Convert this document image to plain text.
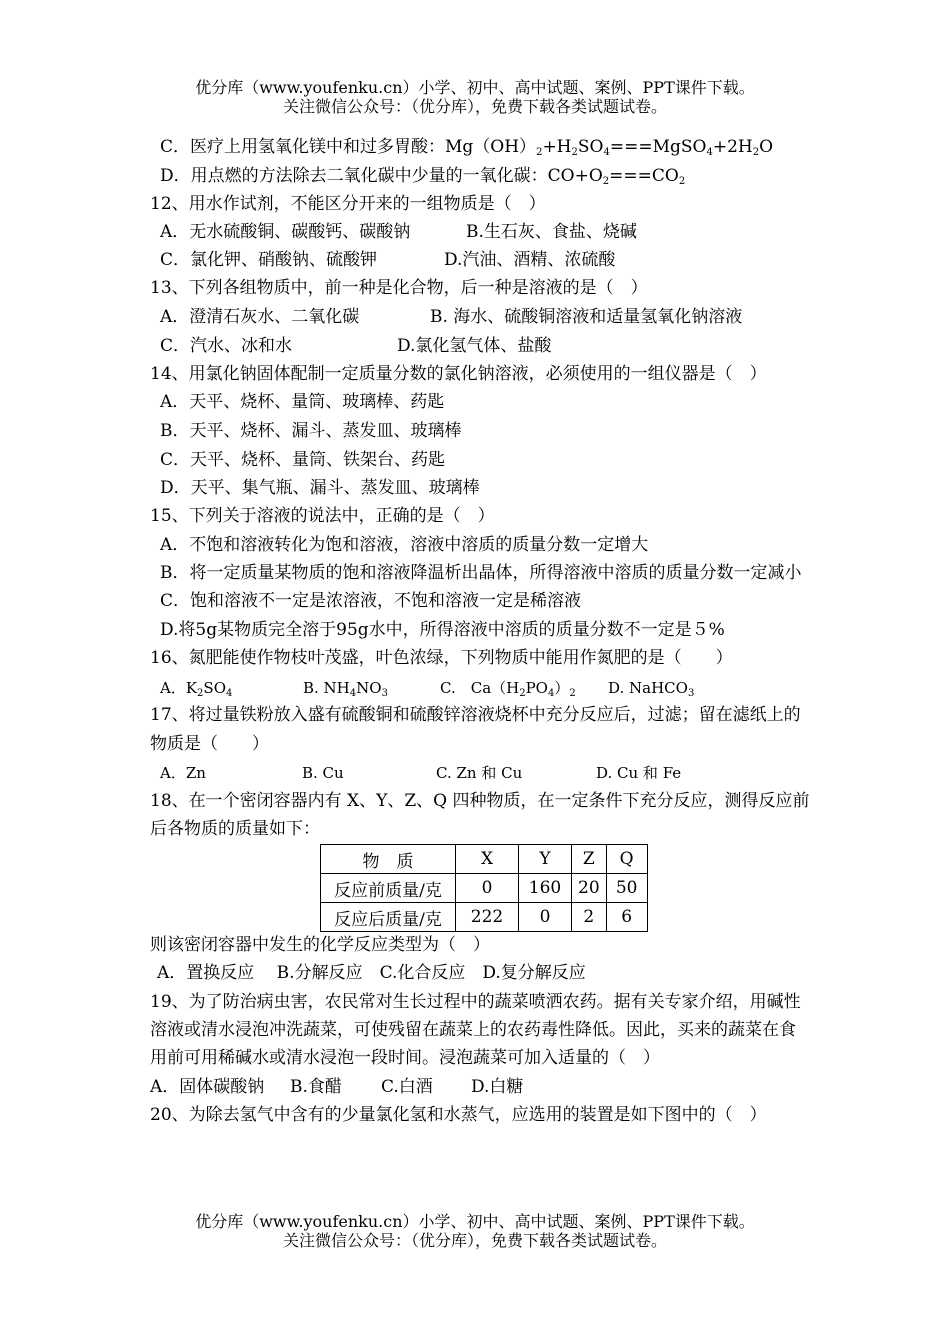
优分库（www.youfenku.cn）小学、初中、高中试题、案例、PPT课件下载。
关注微信公众号：（优分库），免费下载各类试题试卷。
C．医疗上用氢氧化镁中和过多胃酸：$Mg(OH)_2+H_2SO_4===MgSO_4+2H_2O$
D．用点燃的方法除去二氧化碳中少量的一氧化碳：$CO+O_2===CO_2$
12、用水作试剂，不能区分开来的一组物质是（　）
A．无水硫酸铜、碳酸钙、碳酸钠	B.生石灰、食盐、烧碱
C．氯化钾、硝酸钠、硫酸钾	D.汽油、酒精、浓硫酸
13、下列各组物质中，前一种是化合物，后一种是溶液的是（　）
A．澄清石灰水、二氧化碳	B. 海水、硫酸铜溶液和适量氢氧化钠溶液
C．汽水、冰和水	D.氯化氢气体、盐酸
14、用氯化钠固体配制一定质量分数的氯化钠溶液，必须使用的一组仪器是（　）
A．天平、烧杯、量筒、玻璃棒、药匙
B．天平、烧杯、漏斗、蒸发皿、玻璃棒
C．天平、烧杯、量筒、铁架台、药匙
D．天平、集气瓶、漏斗、蒸发皿、玻璃棒
15、下列关于溶液的说法中，正确的是（　）
A．不饱和溶液转化为饱和溶液，溶液中溶质的质量分数一定增大
B．将一定质量某物质的饱和溶液降温析出晶体，所得溶液中溶质的质量分数一定减小
C．饱和溶液不一定是浓溶液，不饱和溶液一定是稀溶液
D.将5g某物质完全溶于95g水中，所得溶液中溶质的质量分数不一定是５%
16、氮肥能使作物枝叶茂盛，叶色浓绿，下列物质中能用作氮肥的是（　　）
A．$K_2SO_4$	B. $NH_4NO_3$	C.　$Ca(H_2PO_4)_2$ D. NaHCO$_3$
17、将过量铁粉放入盛有硫酸铜和硫酸锌溶液烧杯中充分反应后，过滤；留在滤纸上的
物质是（　　）
A．Zn	B. Cu	C. Zn 和 Cu	D. Cu 和 Fe
18、在一个密闭容器内有 X、Y、Z、Q 四种物质，在一定条件下充分反应，测得反应前
后各物质的质量如下：
物　质	X	Y	Z	Q
反应前质量/克	0	160	20	50
反应后质量/克	222	0	2	6
则该密闭容器中发生的化学反应类型为（　）
A．置换反应　 B.分解反应　C.化合反应　D.复分解反应
19、为了防治病虫害，农民常对生长过程中的蔬菜喷洒农药。据有关专家介绍，用碱性
溶液或清水浸泡冲洗蔬菜，可使残留在蔬菜上的农药毒性降低。因此，买来的蔬菜在食
用前可用稀碱水或清水浸泡一段时间。浸泡蔬菜可加入适量的（　）
A．固体碳酸钠 B.食醋 C.白酒 D.白糖
20、为除去氢气中含有的少量氯化氢和水蒸气，应选用的装置是如下图中的（　）
优分库（www.youfenku.cn）小学、初中、高中试题、案例、PPT课件下载。
关注微信公众号：（优分库），免费下载各类试题试卷。
